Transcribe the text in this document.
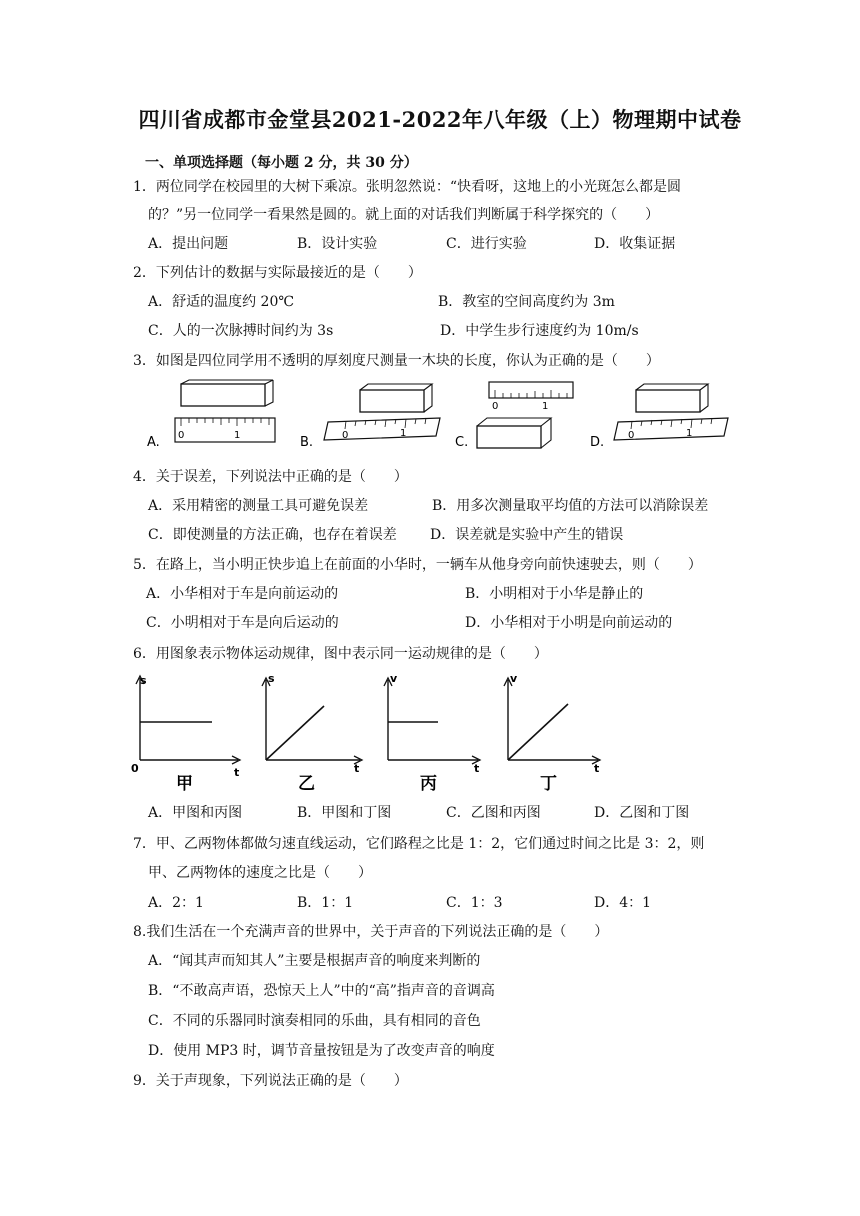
四川省成都市金堂县2021-2022年八年级（上）物理期中试卷
一、单项选择题（每小题 2 分，共 30 分）
1．两位同学在校园里的大树下乘凉。张明忽然说：“快看呀，这地上的小光斑怎么都是圆
的？”另一位同学一看果然是圆的。就上面的对话我们判断属于科学探究的（　　）
A．提出问题	B．设计实验	C．进行实验	D．收集证据
2．下列估计的数据与实际最接近的是（　　）
A．舒适的温度约 20℃	B．教室的空间高度约为 3m
C．人的一次脉搏时间约为 3s	D．中学生步行速度约为 10m/s
3．如图是四位同学用不透明的厚刻度尺测量一木块的长度，你认为正确的是（　　）
A. 0	1	B.	0	1
C.
0	1
D. 0	1
4．关于误差，下列说法中正确的是（　　）
A．采用精密的测量工具可避免误差	B．用多次测量取平均值的方法可以消除误差
C．即使测量的方法正确，也存在着误差 D．误差就是实验中产生的错误
5．在路上，当小明正快步追上在前面的小华时，一辆车从他身旁向前快速驶去，则（　　）
A．小华相对于车是向前运动的	B．小明相对于小华是静止的
C．小明相对于车是向后运动的	D．小华相对于小明是向前运动的
6．用图象表示物体运动规律，图中表示同一运动规律的是（　　）
s
t
0
甲
s
t
乙
v
t
丙
v
t
丁
A．甲图和丙图	B．甲图和丁图	C．乙图和丙图	D．乙图和丁图
7．甲、乙两物体都做匀速直线运动，它们路程之比是 1：2，它们通过时间之比是 3：2，则
甲、乙两物体的速度之比是（　　）
A．2：1	B．1：1	C．1：3	D．4：1
8.我们生活在一个充满声音的世界中，关于声音的下列说法正确的是（　　）
A．“闻其声而知其人”主要是根据声音的响度来判断的
B．“不敢高声语，恐惊天上人”中的“高”指声音的音调高
C．不同的乐器同时演奏相同的乐曲，具有相同的音色
D．使用 MP3 时，调节音量按钮是为了改变声音的响度
9．关于声现象，下列说法正确的是（　　）
